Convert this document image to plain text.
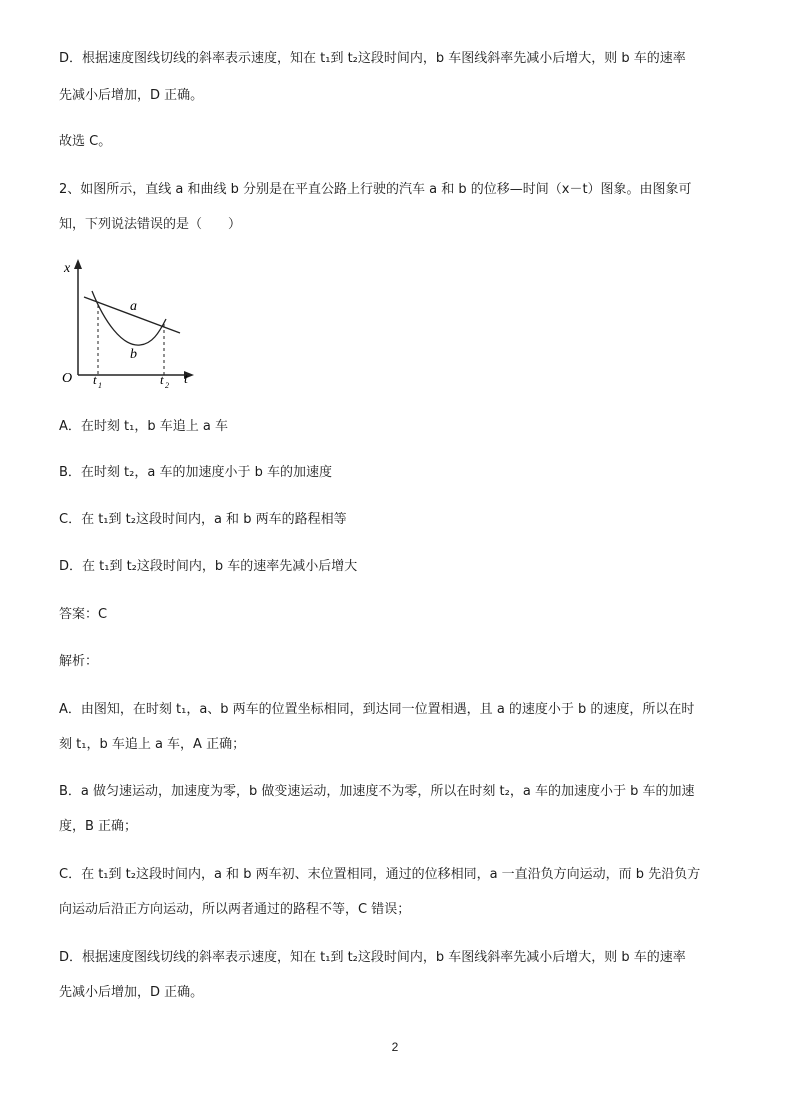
D．根据速度图线切线的斜率表示速度，知在 t₁到 t₂这段时间内，b 车图线斜率先减小后增大，则 b 车的速率
先减小后增加，D 正确。
故选 C。
2、如图所示，直线 a 和曲线 b 分别是在平直公路上行驶的汽车 a 和 b 的位移—时间（x－t）图象。由图象可
知，下列说法错误的是（　　）
x
t
O
a
b
t 1	t 2
A．在时刻 t₁，b 车追上 a 车
B．在时刻 t₂，a 车的加速度小于 b 车的加速度
C．在 t₁到 t₂这段时间内，a 和 b 两车的路程相等
D．在 t₁到 t₂这段时间内，b 车的速率先减小后增大
答案：C
解析：
A．由图知，在时刻 t₁，a、b 两车的位置坐标相同，到达同一位置相遇，且 a 的速度小于 b 的速度，所以在时
刻 t₁，b 车追上 a 车，A 正确；
B．a 做匀速运动，加速度为零，b 做变速运动，加速度不为零，所以在时刻 t₂，a 车的加速度小于 b 车的加速
度，B 正确；
C．在 t₁到 t₂这段时间内，a 和 b 两车初、末位置相同，通过的位移相同，a 一直沿负方向运动，而 b 先沿负方
向运动后沿正方向运动，所以两者通过的路程不等，C 错误；
D．根据速度图线切线的斜率表示速度，知在 t₁到 t₂这段时间内，b 车图线斜率先减小后增大，则 b 车的速率
先减小后增加，D 正确。
2
